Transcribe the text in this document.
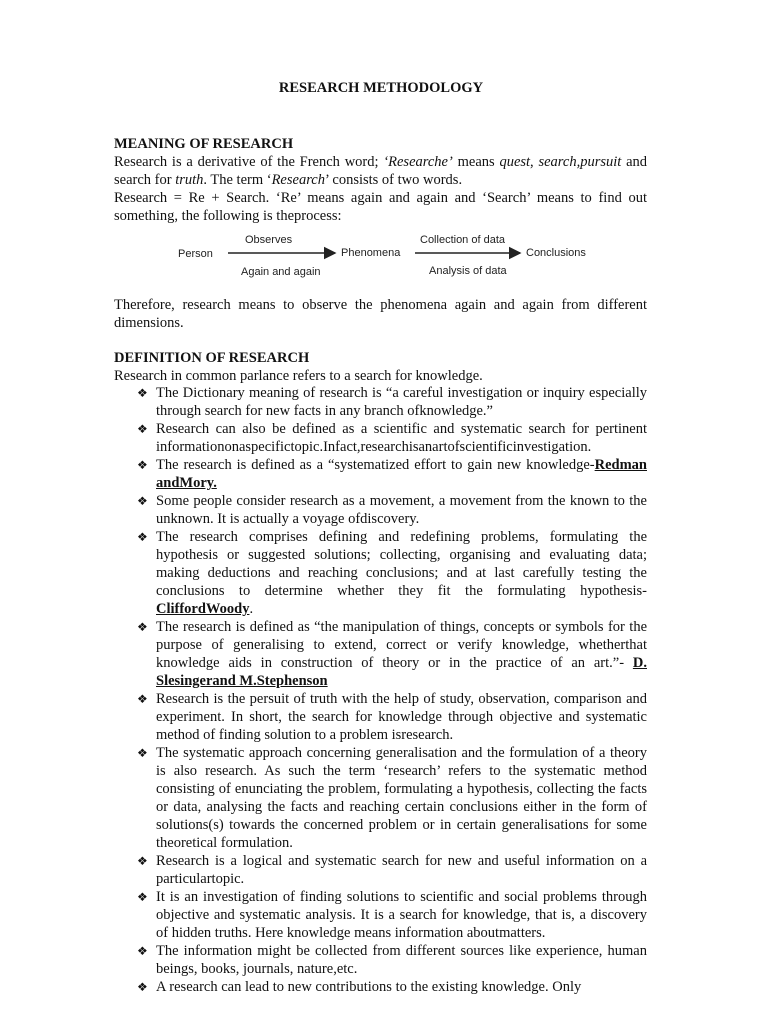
RESEARCH METHODOLOGY
MEANING OF RESEARCH
Research is a derivative of the French word; ‘Researche’ means quest, search,pursuit and search for truth. The term ‘Research’ consists of two words.
Research = Re + Search. ‘Re’ means again and again and ‘Search’ means to find out something, the following is theprocess:
Person
Observes
Again and again
Phenomena
Collection of data
Analysis of data
Conclusions
Therefore, research means to observe the phenomena again and again from different dimensions.
DEFINITION OF RESEARCH
Research in common parlance refers to a search for knowledge.
❖ The Dictionary meaning of research is “a careful investigation or inquiry especially through search for new facts in any branch ofknowledge.”
❖ Research can also be defined as a scientific and systematic search for pertinent informationonaspecifictopic.Infact,researchisanartofscientificinvestigation.
❖ The research is defined as a “systematized effort to gain new knowledge-Redman andMory.
❖ Some people consider research as a movement, a movement from the known to the unknown. It is actually a voyage ofdiscovery.
❖ The research comprises defining and redefining problems, formulating the hypothesis or suggested solutions; collecting, organising and evaluating data; making deductions and reaching conclusions; and at last carefully testing the conclusions to determine whether they fit the formulating hypothesis-CliffordWoody.
❖ The research is defined as “the manipulation of things, concepts or symbols for the purpose of generalising to extend, correct or verify knowledge, whetherthat knowledge aids in construction of theory or in the practice of an art.”- D. Slesingerand M.Stephenson
❖ Research is the persuit of truth with the help of study, observation, comparison and experiment. In short, the search for knowledge through objective and systematic method of finding solution to a problem isresearch.
❖ The systematic approach concerning generalisation and the formulation of a theory is also research. As such the term ‘research’ refers to the systematic method consisting of enunciating the problem, formulating a hypothesis, collecting the facts or data, analysing the facts and reaching certain conclusions either in the form of solutions(s) towards the concerned problem or in certain generalisations for some theoretical formulation.
❖ Research is a logical and systematic search for new and useful information on a particulartopic.
❖ It is an investigation of finding solutions to scientific and social problems through objective and systematic analysis. It is a search for knowledge, that is, a discovery of hidden truths. Here knowledge means information aboutmatters.
❖ The information might be collected from different sources like experience, human beings, books, journals, nature,etc.
❖ A research can lead to new contributions to the existing knowledge. Only
